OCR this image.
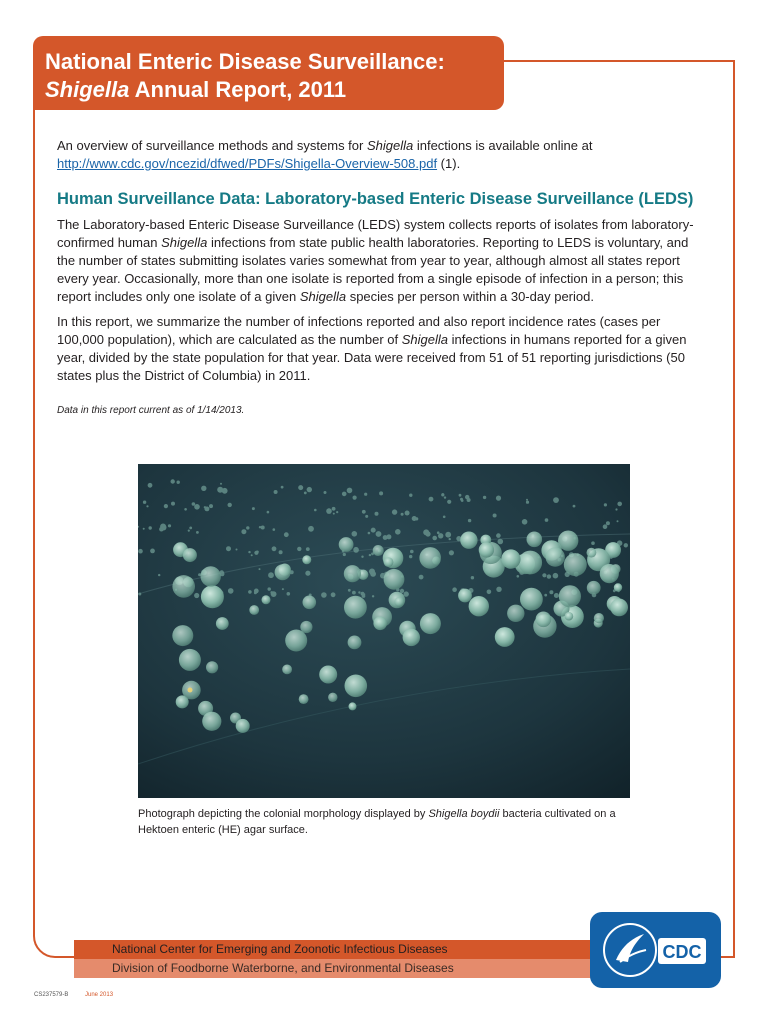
National Enteric Disease Surveillance:
Shigella Annual Report, 2011
An overview of surveillance methods and systems for Shigella infections is available online at
http://www.cdc.gov/ncezid/dfwed/PDFs/Shigella-Overview-508.pdf (1).
Human Surveillance Data: Laboratory-based Enteric Disease Surveillance (LEDS)
The Laboratory-based Enteric Disease Surveillance (LEDS) system collects reports of isolates from laboratory-confirmed human Shigella infections from state public health laboratories. Reporting to LEDS is voluntary, and the number of states submitting isolates varies somewhat from year to year, although almost all states report every year. Occasionally, more than one isolate is reported from a single episode of infection in a person; this report includes only one isolate of a given Shigella species per person within a 30-day period.
In this report, we summarize the number of infections reported and also report incidence rates (cases per 100,000 population), which are calculated as the number of Shigella infections in humans reported for a given year, divided by the state population for that year. Data were received from 51 of 51 reporting jurisdictions (50 states plus the District of Columbia) in 2011.
Data in this report current as of 1/14/2013.
Photograph depicting the colonial morphology displayed by Shigella boydii bacteria cultivated on a Hektoen enteric (HE) agar surface.
National Center for Emerging and Zoonotic Infectious Diseases
Division of Foodborne Waterborne, and Environmental Diseases
CDC
CS237579-B	June 2013
